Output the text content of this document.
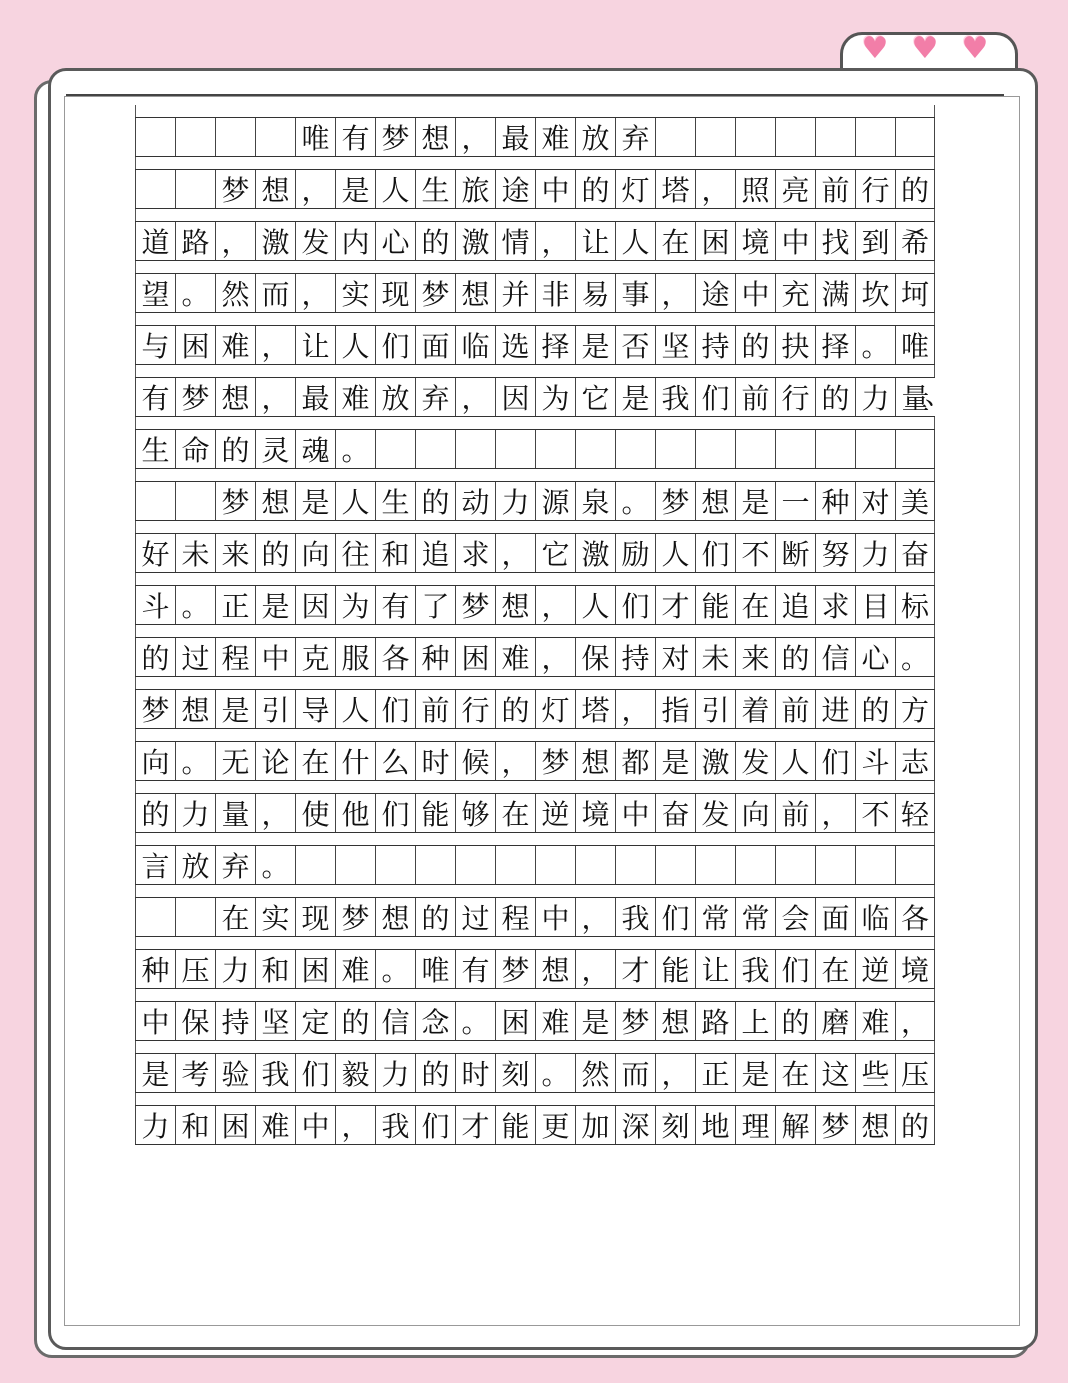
♥ ♥ ♥
唯 有 梦 想 ， 最 难 放 弃
梦 想 ， 是 人 生 旅 途 中 的 灯 塔 ， 照 亮 前 行 的
道 路 ， 激 发 内 心 的 激 情 ， 让 人 在 困 境 中 找 到 希
望 。 然 而 ， 实 现 梦 想 并 非 易 事 ， 途 中 充 满 坎 坷
与 困 难 ， 让 人 们 面 临 选 择 是 否 坚 持 的 抉 择 。 唯
有 梦 想 ， 最 难 放 弃 ， 因 为 它 是 我 们 前 行 的 力 量
、
生 命 的 灵 魂 。
梦 想 是 人 生 的 动 力 源 泉 。 梦 想 是 一 种 对 美
好 未 来 的 向 往 和 追 求 ， 它 激 励 人 们 不 断 努 力 奋
斗 。 正 是 因 为 有 了 梦 想 ， 人 们 才 能 在 追 求 目 标
的 过 程 中 克 服 各 种 困 难 ， 保 持 对 未 来 的 信 心 。
梦 想 是 引 导 人 们 前 行 的 灯 塔 ， 指 引 着 前 进 的 方
向 。 无 论 在 什 么 时 候 ， 梦 想 都 是 激 发 人 们 斗 志
的 力 量 ， 使 他 们 能 够 在 逆 境 中 奋 发 向 前 ， 不 轻
言 放 弃 。
在 实 现 梦 想 的 过 程 中 ， 我 们 常 常 会 面 临 各
种 压 力 和 困 难 。 唯 有 梦 想 ， 才 能 让 我 们 在 逆 境
中 保 持 坚 定 的 信 念 。 困 难 是 梦 想 路 上 的 磨 难 ，
是 考 验 我 们 毅 力 的 时 刻 。 然 而 ， 正 是 在 这 些 压
力 和 困 难 中 ， 我 们 才 能 更 加 深 刻 地 理 解 梦 想 的
